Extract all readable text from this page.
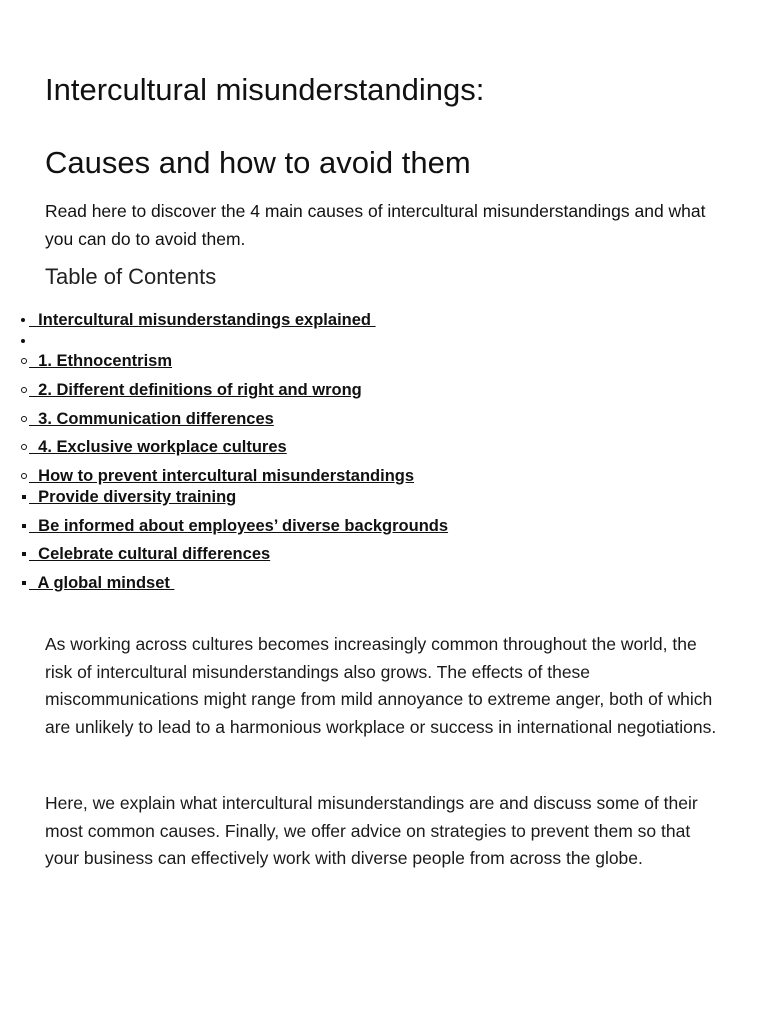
Intercultural misunderstandings:
Causes and how to avoid them

Read here to discover the 4 main causes of intercultural misunderstandings and what you can do to avoid them.

Table of Contents
Intercultural misunderstandings explained
1. Ethnocentrism
2. Different definitions of right and wrong
3. Communication differences
4. Exclusive workplace cultures
How to prevent intercultural misunderstandings
Provide diversity training
Be informed about employees’ diverse backgrounds
Celebrate cultural differences
A global mindset

As working across cultures becomes increasingly common throughout the world, the risk of intercultural misunderstandings also grows. The effects of these miscommunications might range from mild annoyance to extreme anger, both of which are unlikely to lead to a harmonious workplace or success in international negotiations.

Here, we explain what intercultural misunderstandings are and discuss some of their most common causes. Finally, we offer advice on strategies to prevent them so that your business can effectively work with diverse people from across the globe.
